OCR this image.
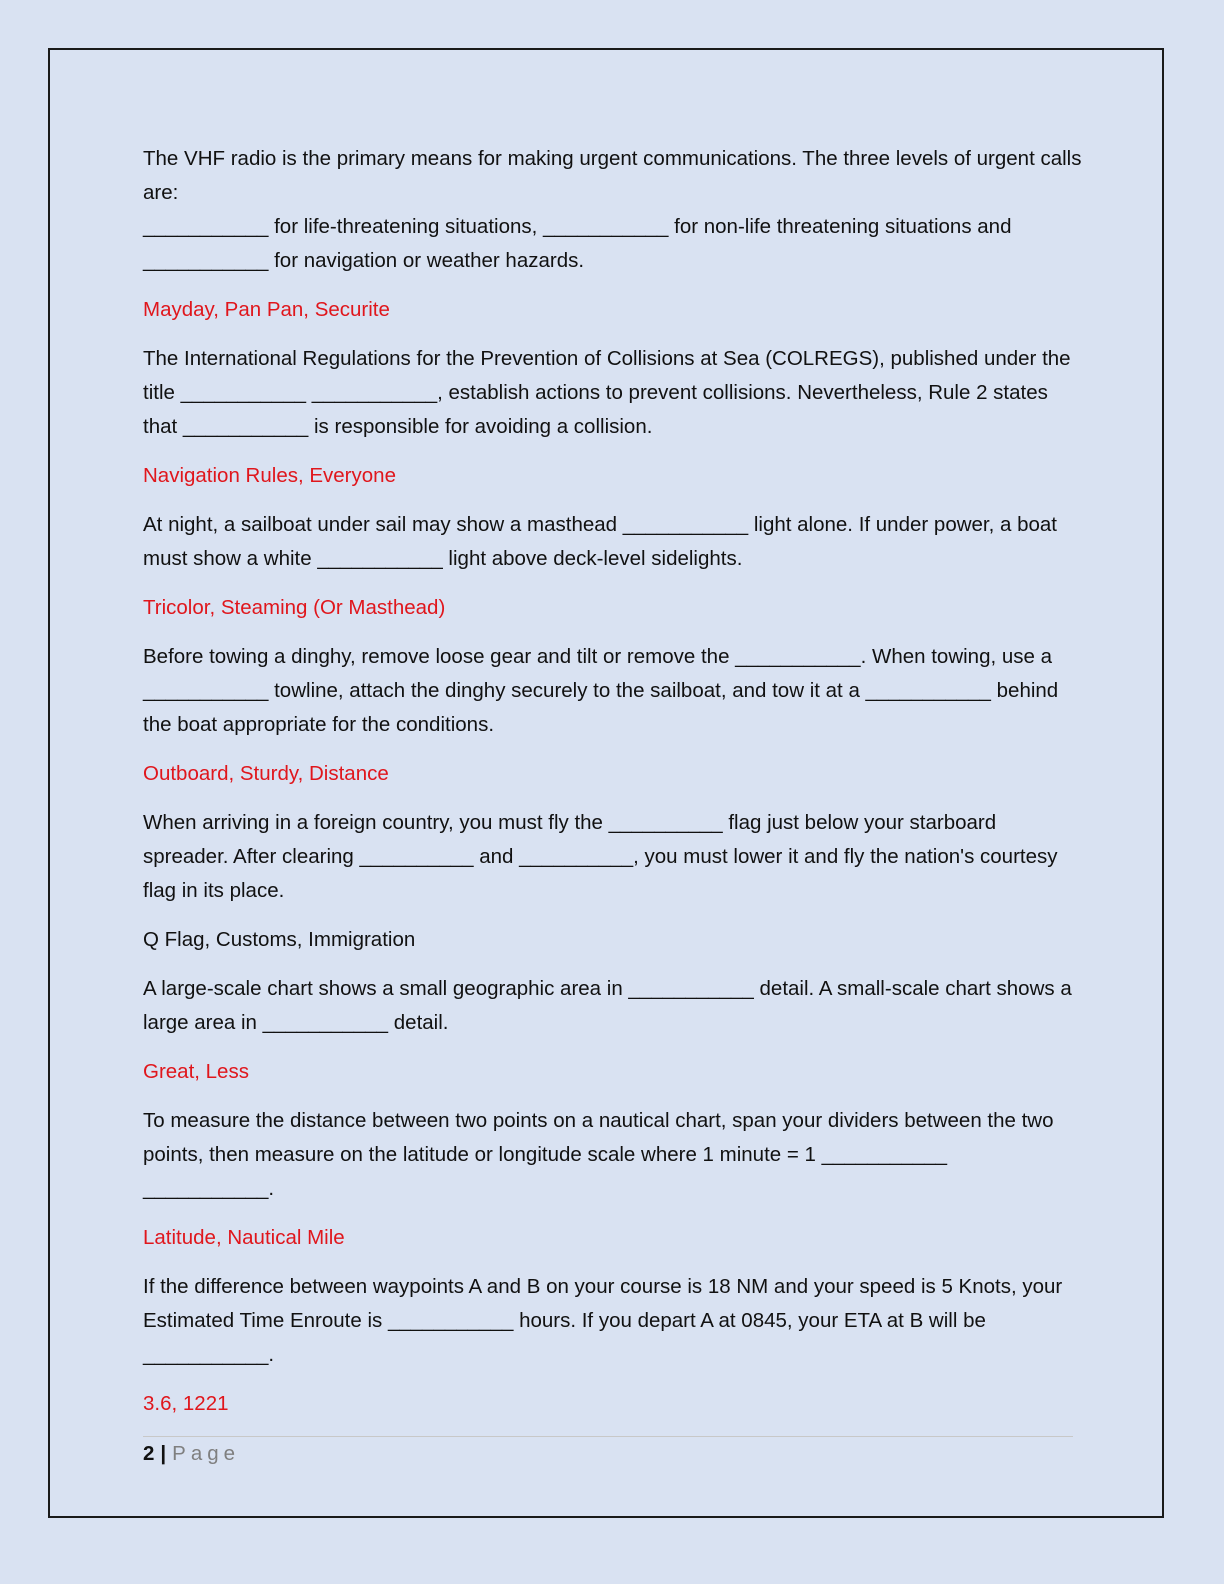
The VHF radio is the primary means for making urgent communications. The three levels of urgent calls are:
___________ for life-threatening situations, ___________ for non-life threatening situations and ___________ for navigation or weather hazards.

Mayday, Pan Pan, Securite

The International Regulations for the Prevention of Collisions at Sea (COLREGS), published under the title ___________ ___________, establish actions to prevent collisions. Nevertheless, Rule 2 states that ___________ is responsible for avoiding a collision.

Navigation Rules, Everyone

At night, a sailboat under sail may show a masthead ___________ light alone. If under power, a boat must show a white ___________ light above deck-level sidelights.

Tricolor, Steaming (Or Masthead)

Before towing a dinghy, remove loose gear and tilt or remove the ___________. When towing, use a ___________ towline, attach the dinghy securely to the sailboat, and tow it at a ___________ behind the boat appropriate for the conditions.

Outboard, Sturdy, Distance

When arriving in a foreign country, you must fly the __________ flag just below your starboard spreader. After clearing __________ and __________, you must lower it and fly the nation's courtesy flag in its place.

Q Flag, Customs, Immigration

A large-scale chart shows a small geographic area in ___________ detail. A small-scale chart shows a large area in ___________ detail.

Great, Less

To measure the distance between two points on a nautical chart, span your dividers between the two points, then measure on the latitude or longitude scale where 1 minute = 1 ___________ ___________.

Latitude, Nautical Mile

If the difference between waypoints A and B on your course is 18 NM and your speed is 5 Knots, your Estimated Time Enroute is ___________ hours. If you depart A at 0845, your ETA at B will be ___________.

3.6, 1221

2 | Page
